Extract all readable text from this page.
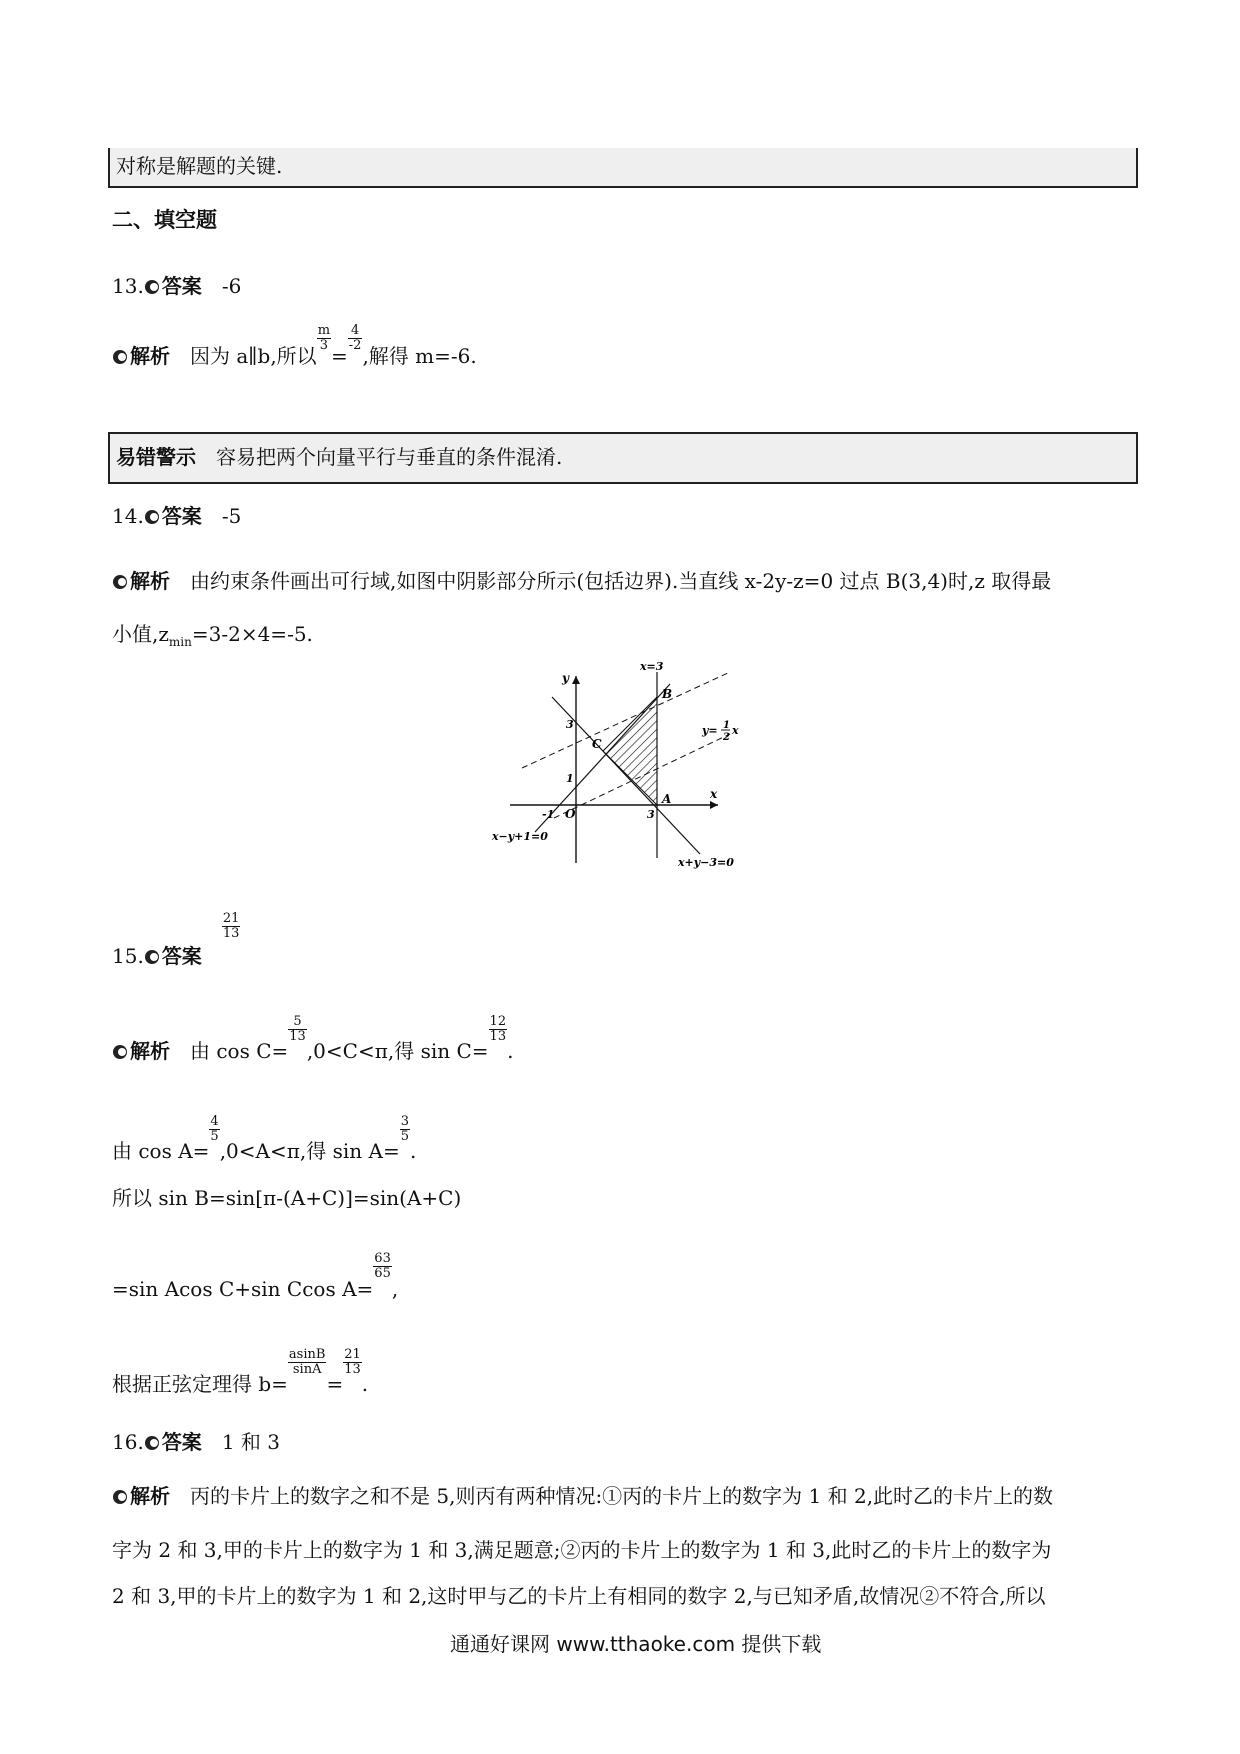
对称是解题的关键.
二、填空题
13. 答案 -6
解析 因为 a∥b,所以
$\frac{m}{3}$
=
$\frac{4}{-2}$
,解得 m=-6.
易错警示 容易把两个向量平行与垂直的条件混淆.
14. 答案 -5
解析 由约束条件画出可行域,如图中阴影部分所示(包括边界).当直线 x-2y-z=0 过点 B(3,4)时,z 取得最
小值$,z_{min}=3-2\times 4=-5$.
x=3
y
x
B
C
A
O
3
1
-1	3
x−y+1=0
x+y−3=0
y= 1
2
x
15. 答案
$\frac{21}{13}$
解析 由 cos C=
$\frac{5}{13}$
,0<C<π,得 sin C=
$\frac{12}{13}$
.
由 cos A=
$\frac{4}{5}$
,0<A<π,得 sin A=
$\frac{3}{5}$
.
所以 sin B=sin[π-(A+C)]=sin(A+C)
=sin Acos C+sin Ccos A=
$\frac{63}{65}$
,
根据正弦定理得 b=
$\frac{asinB}{\sin A}$
=
$\frac{21}{13}$
.
16. 答案 1 和 3
解析 丙的卡片上的数字之和不是 5,则丙有两种情况:①丙的卡片上的数字为 1 和 2,此时乙的卡片上的数
字为 2 和 3,甲的卡片上的数字为 1 和 3,满足题意;②丙的卡片上的数字为 1 和 3,此时乙的卡片上的数字为
2 和 3,甲的卡片上的数字为 1 和 2,这时甲与乙的卡片上有相同的数字 2,与已知矛盾,故情况②不符合,所以
通通好课网 www.tthaoke.com 提供下载
